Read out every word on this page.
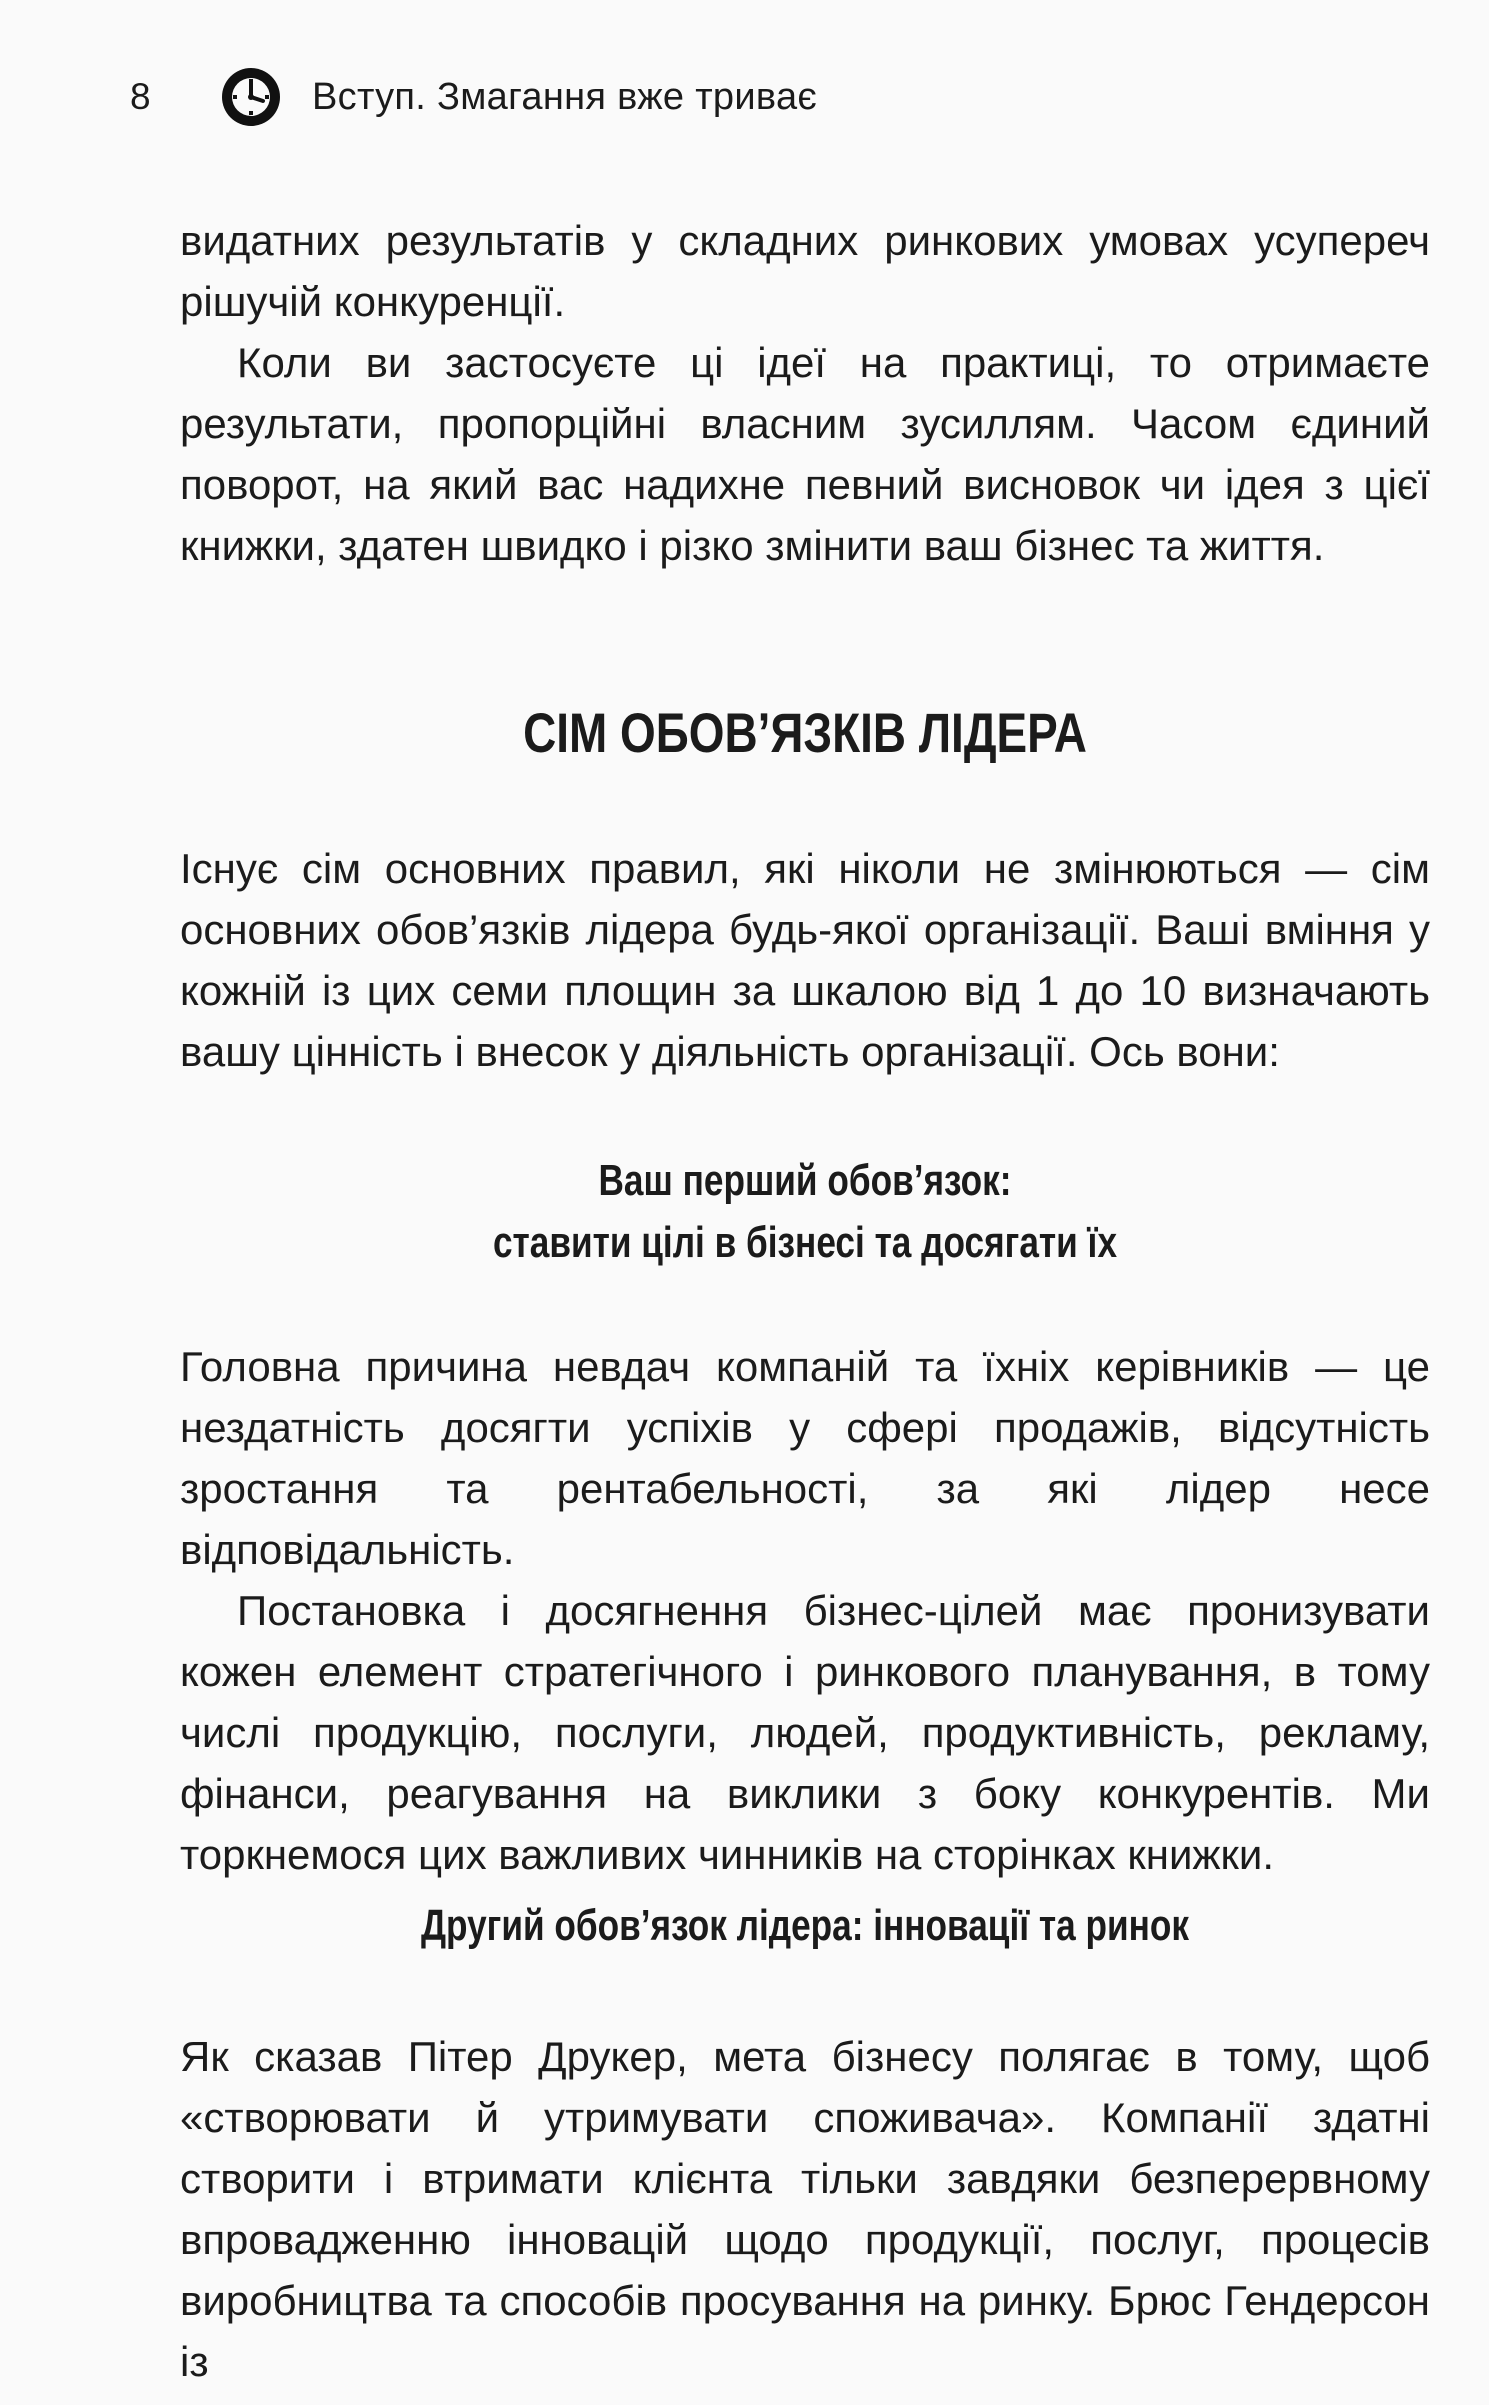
8	Вступ. Змагання вже триває

видатних результатів у складних ринкових умовах усупереч рішучій конкуренції.

Коли ви застосуєте ці ідеї на практиці, то отримаєте результати, пропорційні власним зусиллям. Часом єдиний поворот, на який вас надихне певний висновок чи ідея з цієї книжки, здатен швидко і різко змінити ваш бізнес та життя.

СІМ ОБОВ’ЯЗКІВ ЛІДЕРА

Існує сім основних правил, які ніколи не змінюються — сім основних обов’язків лідера будь-якої організації. Ваші вміння у кожній із цих семи площин за шкалою від 1 до 10 визначають вашу цінність і внесок у діяльність організації. Ось вони:

Ваш перший обов’язок:
ставити цілі в бізнесі та досягати їх

Головна причина невдач компаній та їхніх керівників — це нездатність досягти успіхів у сфері продажів, відсутність зростання та рентабельності, за які лідер несе відповідальність.

Постановка і досягнення бізнес-цілей має пронизувати кожен елемент стратегічного і ринкового планування, в тому числі продукцію, послуги, людей, продуктивність, рекламу, фінанси, реагування на виклики з боку конкурентів. Ми торкнемося цих важливих чинників на сторінках книжки.

Другий обов’язок лідера: інновації та ринок

Як сказав Пітер Друкер, мета бізнесу полягає в тому, щоб «створювати й утримувати споживача». Компанії здатні створити і втримати клієнта тільки завдяки безперервному впровадженню інновацій щодо продукції, послуг, процесів виробництва та способів просування на ринку. Брюс Гендерсон із
